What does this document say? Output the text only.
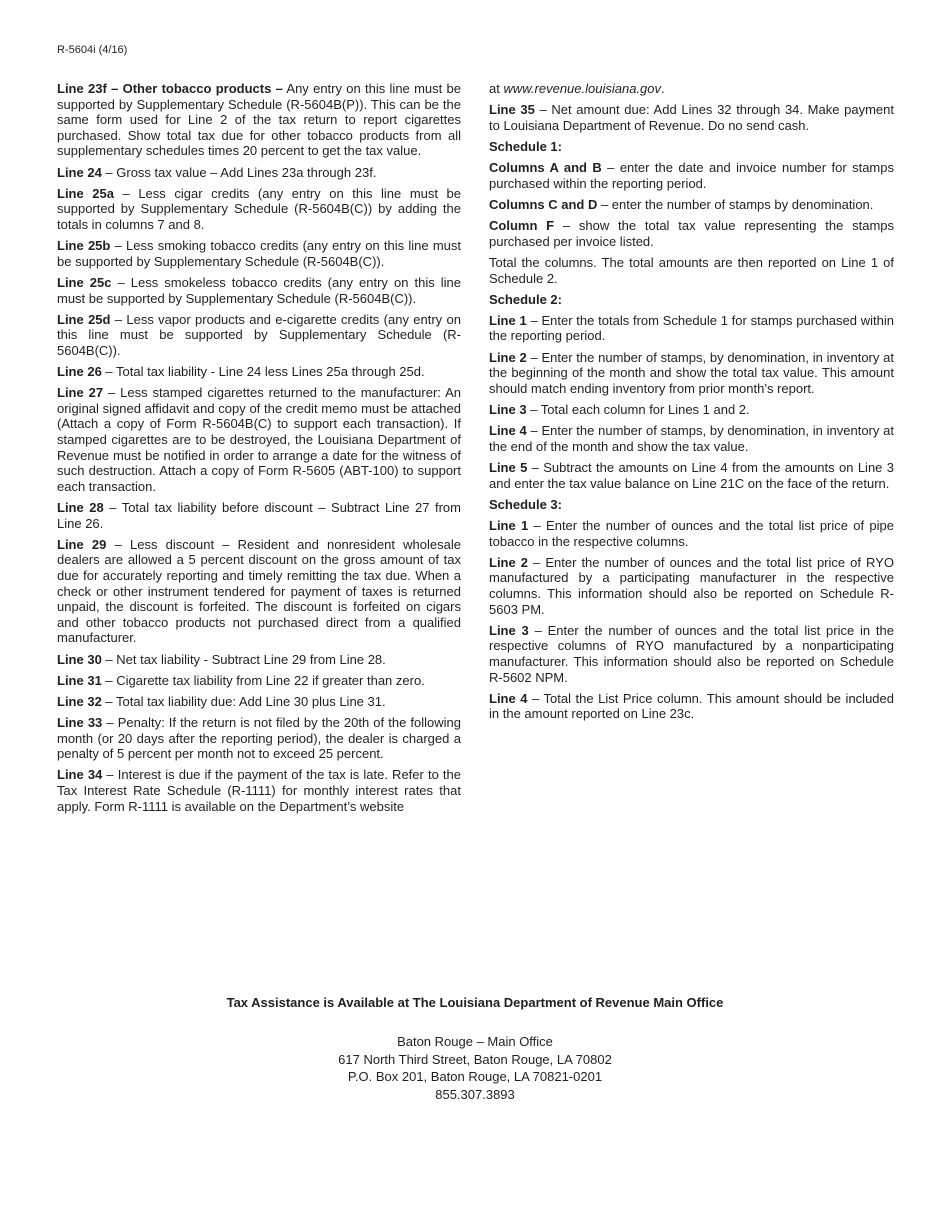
R-5604i (4/16)

Line 23f – Other tobacco products – Any entry on this line must be supported by Supplementary Schedule (R-5604B(P)). This can be the same form used for Line 2 of the tax return to report cigarettes purchased. Show total tax due for other tobacco products from all supplementary schedules times 20 percent to get the tax value.

Line 24 – Gross tax value – Add Lines 23a through 23f.

Line 25a – Less cigar credits (any entry on this line must be supported by Supplementary Schedule (R-5604B(C)) by adding the totals in columns 7 and 8.

Line 25b – Less smoking tobacco credits (any entry on this line must be supported by Supplementary Schedule (R-5604B(C)).

Line 25c – Less smokeless tobacco credits (any entry on this line must be supported by Supplementary Schedule (R-5604B(C)).

Line 25d – Less vapor products and e-cigarette credits (any entry on this line must be supported by Supplementary Schedule (R-5604B(C)).

Line 26 – Total tax liability - Line 24 less Lines 25a through 25d.

Line 27 – Less stamped cigarettes returned to the manufacturer: An original signed affidavit and copy of the credit memo must be attached (Attach a copy of Form R-5604B(C) to support each transaction). If stamped cigarettes are to be destroyed, the Louisiana Department of Revenue must be notified in order to arrange a date for the witness of such destruction. Attach a copy of Form R-5605 (ABT-100) to support each transaction.

Line 28 – Total tax liability before discount – Subtract Line 27 from Line 26.

Line 29 – Less discount – Resident and nonresident wholesale dealers are allowed a 5 percent discount on the gross amount of tax due for accurately reporting and timely remitting the tax due. When a check or other instrument tendered for payment of taxes is returned unpaid, the discount is forfeited. The discount is forfeited on cigars and other tobacco products not purchased direct from a qualified manufacturer.

Line 30 – Net tax liability - Subtract Line 29 from Line 28.

Line 31 – Cigarette tax liability from Line 22 if greater than zero.

Line 32 – Total tax liability due: Add Line 30 plus Line 31.

Line 33 – Penalty: If the return is not filed by the 20th of the following month (or 20 days after the reporting period), the dealer is charged a penalty of 5 percent per month not to exceed 25 percent.

Line 34 – Interest is due if the payment of the tax is late. Refer to the Tax Interest Rate Schedule (R-1111) for monthly interest rates that apply. Form R-1111 is available on the Department’s website

at www.revenue.louisiana.gov.

Line 35 – Net amount due: Add Lines 32 through 34. Make payment to Louisiana Department of Revenue. Do no send cash.

Schedule 1:

Columns A and B – enter the date and invoice number for stamps purchased within the reporting period.

Columns C and D – enter the number of stamps by denomination.

Column F – show the total tax value representing the stamps purchased per invoice listed.

Total the columns. The total amounts are then reported on Line 1 of Schedule 2.

Schedule 2:

Line 1 – Enter the totals from Schedule 1 for stamps purchased within the reporting period.

Line 2 – Enter the number of stamps, by denomination, in inventory at the beginning of the month and show the total tax value. This amount should match ending inventory from prior month’s report.

Line 3 – Total each column for Lines 1 and 2.

Line 4 – Enter the number of stamps, by denomination, in inventory at the end of the month and show the tax value.

Line 5 – Subtract the amounts on Line 4 from the amounts on Line 3 and enter the tax value balance on Line 21C on the face of the return.

Schedule 3:

Line 1 – Enter the number of ounces and the total list price of pipe tobacco in the respective columns.

Line 2 – Enter the number of ounces and the total list price of RYO manufactured by a participating manufacturer in the respective columns. This information should also be reported on Schedule R-5603 PM.

Line 3 – Enter the number of ounces and the total list price in the respective columns of RYO manufactured by a nonparticipating manufacturer. This information should also be reported on Schedule R-5602 NPM.

Line 4 – Total the List Price column. This amount should be included in the amount reported on Line 23c.

Tax Assistance is Available at The Louisiana Department of Revenue Main Office

Baton Rouge – Main Office
617 North Third Street, Baton Rouge, LA 70802
P.O. Box 201, Baton Rouge, LA 70821-0201
855.307.3893
